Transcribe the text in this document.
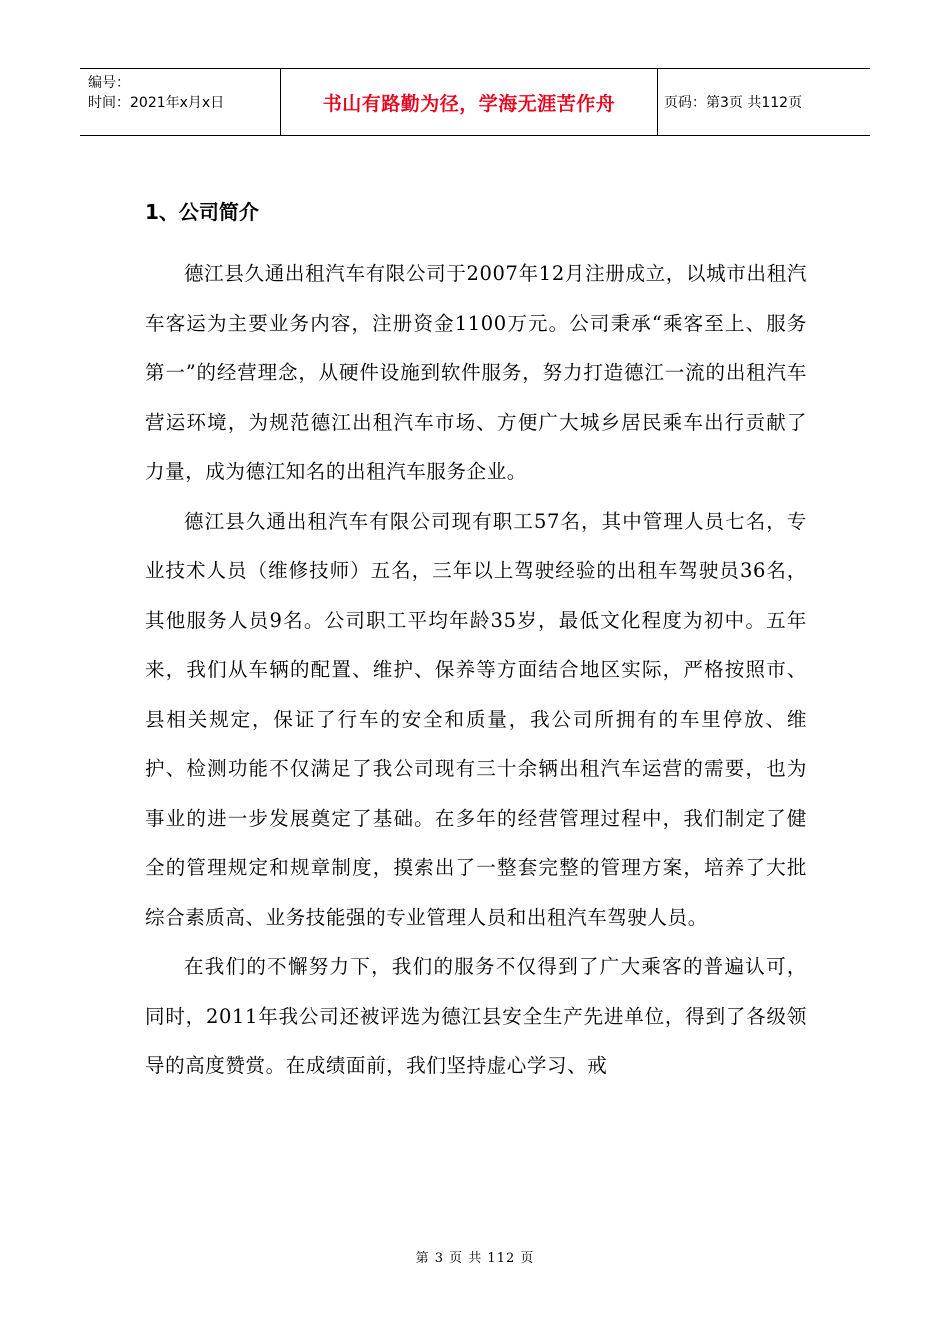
编号：
时间：2021年x月x日	书山有路勤为径，学海无涯苦作舟	页码：第3页 共112页
1、公司简介

德江县久通出租汽车有限公司于2007年12月注册成立，以城市出租汽车客运为主要业务内容，注册资金1100万元。公司秉承“乘客至上、服务第一”的经营理念，从硬件设施到软件服务，努力打造德江一流的出租汽车营运环境，为规范德江出租汽车市场、方便广大城乡居民乘车出行贡献了力量，成为德江知名的出租汽车服务企业。

德江县久通出租汽车有限公司现有职工57名，其中管理人员七名，专业技术人员（维修技师）五名，三年以上驾驶经验的出租车驾驶员36名，其他服务人员9名。公司职工平均年龄35岁，最低文化程度为初中。五年来，我们从车辆的配置、维护、保养等方面结合地区实际，严格按照市、县相关规定，保证了行车的安全和质量，我公司所拥有的车里停放、维护、检测功能不仅满足了我公司现有三十余辆出租汽车运营的需要，也为事业的进一步发展奠定了基础。在多年的经营管理过程中，我们制定了健全的管理规定和规章制度，摸索出了一整套完整的管理方案，培养了大批综合素质高、业务技能强的专业管理人员和出租汽车驾驶人员。

在我们的不懈努力下，我们的服务不仅得到了广大乘客的普遍认可，同时，2011年我公司还被评选为德江县安全生产先进单位，得到了各级领导的高度赞赏。在成绩面前，我们坚持虚心学习、戒

第 3 页 共 112 页
